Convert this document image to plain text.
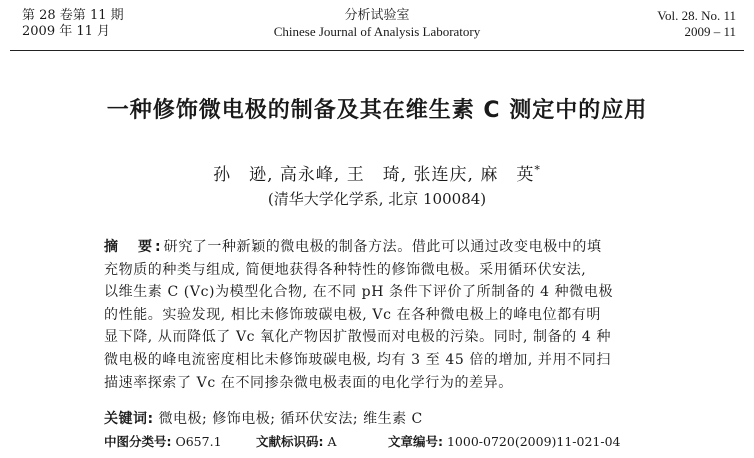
第 28 卷第 11 期
2009 年 11 月
分析试验室
Chinese Journal of Analysis Laboratory
Vol. 28. No. 11
2009 – 11
一种修饰微电极的制备及其在维生素 C 测定中的应用
孙　逊, 高永峰, 王　琦, 张连庆, 麻　英*
(清华大学化学系, 北京 100084)
摘　要:研究了一种新颖的微电极的制备方法。借此可以通过改变电极中的填
充物质的种类与组成, 简便地获得各种特性的修饰微电极。采用循环伏安法,
以维生素 C (Vc)为模型化合物, 在不同 pH 条件下评价了所制备的 4 种微电极
的性能。实验发现, 相比未修饰玻碳电极, Vc 在各种微电极上的峰电位都有明
显下降, 从而降低了 Vc 氧化产物因扩散慢而对电极的污染。同时, 制备的 4 种
微电极的峰电流密度相比未修饰玻碳电极, 均有 3 至 45 倍的增加, 并用不同扫
描速率探索了 Vc 在不同掺杂微电极表面的电化学行为的差异。
关键词: 微电极; 修饰电极; 循环伏安法; 维生素 C
中图分类号: O657.1	文献标识码: A	文章编号: 1000-0720(2009)11-021-04
